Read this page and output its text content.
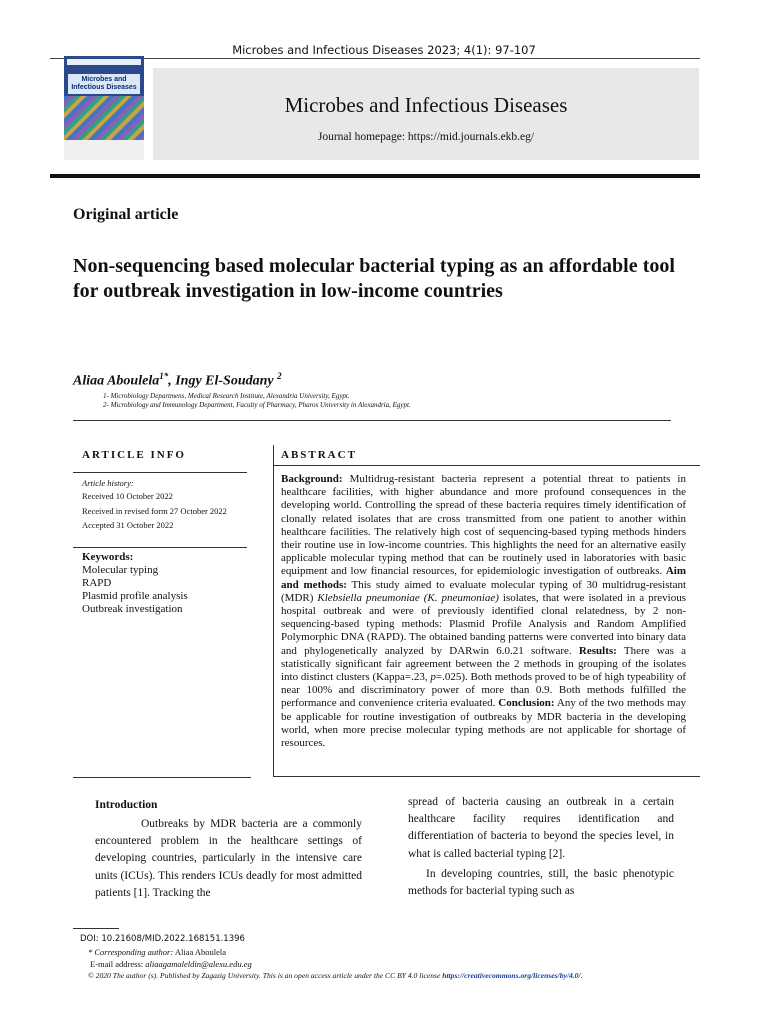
Microbes and Infectious Diseases 2023; 4(1): 97-107
Microbes and
Infectious Diseases
Microbes and Infectious Diseases
Journal homepage: https://mid.journals.ekb.eg/
Original article
Non-sequencing based molecular bacterial typing as an affordable tool for outbreak investigation in low-income countries
Aliaa Aboulela$^{1*}$, Ingy El-Soudany $^2$
1- Microbiology Departmens, Medical Research Institute, Alexandria University, Egypt.
2- Microbiology and Immunology Department, Faculty of Pharmacy, Pharos University in Alexandria, Egypt.
ARTICLE INFO
Article history:
Received 10 October 2022
Received in revised form 27 October 2022
Accepted 31 October 2022
Keywords:
Molecular typing
RAPD
Plasmid profile analysis
Outbreak investigation
ABSTRACT
Background: Multidrug-resistant bacteria represent a potential threat to patients in healthcare facilities, with higher abundance and more profound consequences in the developing world. Controlling the spread of these bacteria requires timely identification of clonally related isolates that are cross transmitted from one patient to another within healthcare facilities. The relatively high cost of sequencing-based typing methods hinders their routine use in low-income countries. This highlights the need for an alternative easily applicable molecular typing method that can be routinely used in laboratories with basic equipment and low financial resources, for epidemiologic investigation of outbreaks. Aim and methods: This study aimed to evaluate molecular typing of 30 multidrug-resistant (MDR) Klebsiella pneumoniae (K. pneumoniae) isolates, that were isolated in a previous hospital outbreak and were of previously identified clonal relatedness, by 2 non-sequencing-based typing methods: Plasmid Profile Analysis and Random Amplified Polymorphic DNA (RAPD). The obtained banding patterns were converted into binary data and phylogenetically analyzed by DARwin 6.0.21 software. Results: There was a statistically significant fair agreement between the 2 methods in grouping of the isolates into distinct clusters (Kappa=.23, p=.025). Both methods proved to be of high typeability of near 100% and discriminatory power of more than 0.9. Both methods fulfilled the performance and convenience criteria evaluated. Conclusion: Any of the two methods may be applicable for routine investigation of outbreaks by MDR bacteria in the developing world, when more precise molecular typing methods are not applicable for shortage of resources.
Introduction
Outbreaks by MDR bacteria are a commonly encountered problem in the healthcare settings of developing countries, particularly in the intensive care units (ICUs). This renders ICUs deadly for most admitted patients [1]. Tracking the
spread of bacteria causing an outbreak in a certain healthcare facility requires identification and differentiation of bacteria to beyond the species level, in what is called bacterial typing [2].
In developing countries, still, the basic phenotypic methods for bacterial typing such as
DOI: 10.21608/MID.2022.168151.1396
* Corresponding author: Aliaa Aboulela
E-mail address: aliaagamaleldin@alexu.edu.eg
© 2020 The author (s). Published by Zagazig University. This is an open access article under the CC BY 4.0 license https://creativecommons.org/licenses/by/4.0/.
